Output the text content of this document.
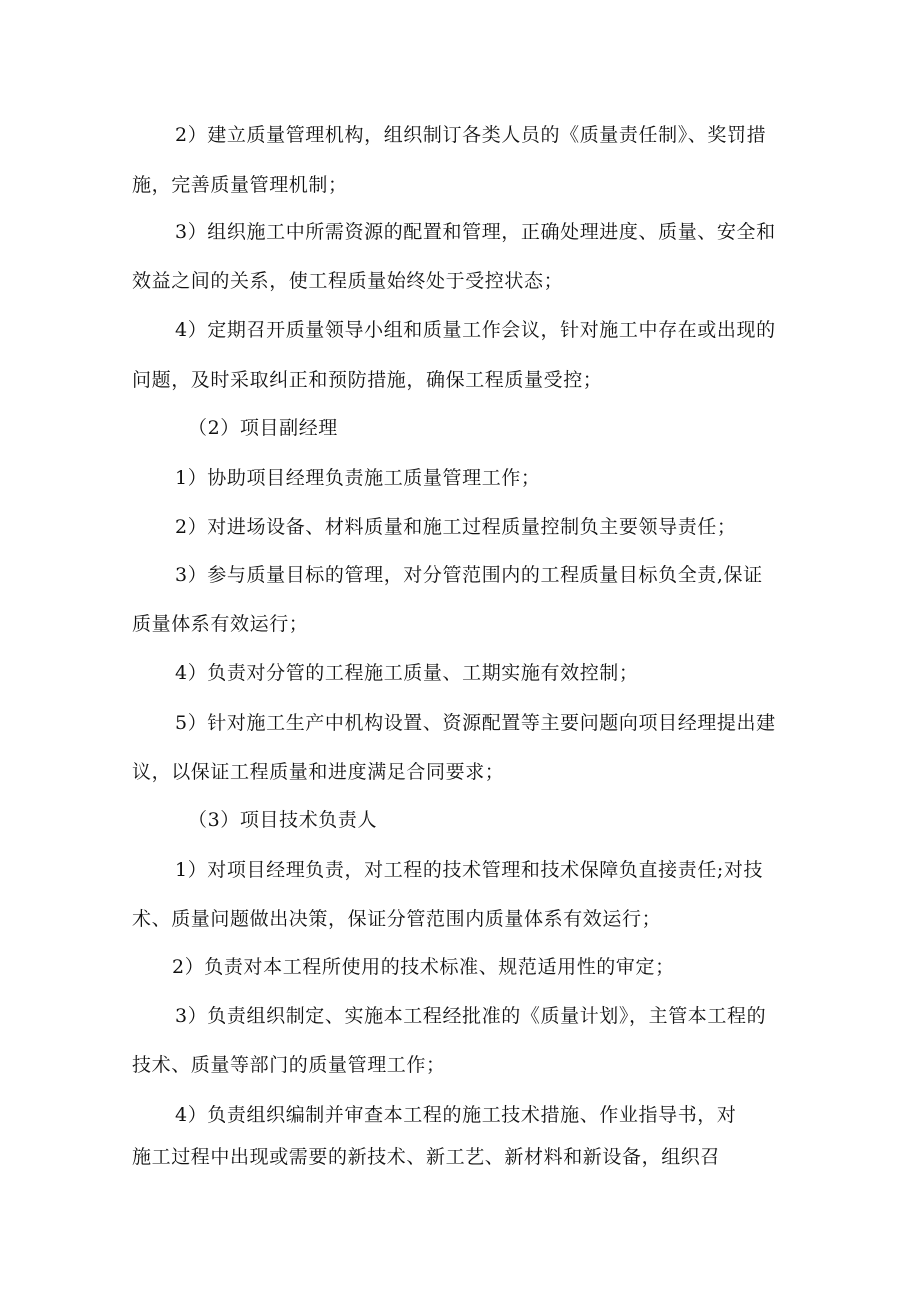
2）建立质量管理机构，组织制订各类人员的《质量责任制》、奖罚措

施，完善质量管理机制；

3）组织施工中所需资源的配置和管理，正确处理进度、质量、安全和

效益之间的关系，使工程质量始终处于受控状态；

4）定期召开质量领导小组和质量工作会议，针对施工中存在或出现的

问题，及时采取纠正和预防措施，确保工程质量受控；

（2）项目副经理

1）协助项目经理负责施工质量管理工作；

2）对进场设备、材料质量和施工过程质量控制负主要领导责任；

3）参与质量目标的管理，对分管范围内的工程质量目标负全责,保证

质量体系有效运行；

4）负责对分管的工程施工质量、工期实施有效控制；

5）针对施工生产中机构设置、资源配置等主要问题向项目经理提出建

议，以保证工程质量和进度满足合同要求；

（3）项目技术负责人

1）对项目经理负责，对工程的技术管理和技术保障负直接责任;对技

术、质量问题做出决策，保证分管范围内质量体系有效运行；

2）负责对本工程所使用的技术标准、规范适用性的审定；

3）负责组织制定、实施本工程经批准的《质量计划》，主管本工程的

技术、质量等部门的质量管理工作；

4）负责组织编制并审查本工程的施工技术措施、作业指导书，对

施工过程中出现或需要的新技术、新工艺、新材料和新设备，组织召
